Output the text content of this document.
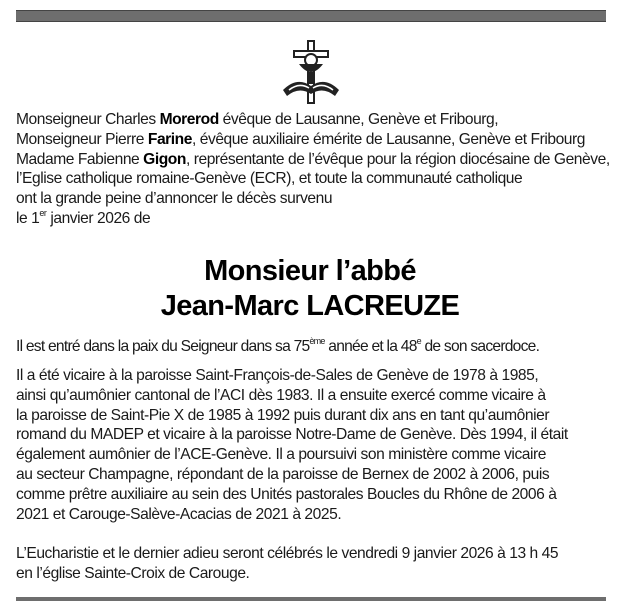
Monseigneur Charles Morerod évêque de Lausanne, Genève et Fribourg,
Monseigneur Pierre Farine, évêque auxiliaire émérite de Lausanne, Genève et Fribourg
Madame Fabienne Gigon, représentante de l’évêque pour la région diocésaine de Genève,
l’Eglise catholique romaine-Genève (ECR), et toute la communauté catholique
ont la grande peine d’annoncer le décès survenu
le 1er janvier 2026 de
Monsieur l’abbé
Jean-Marc LACREUZE
Il est entré dans la paix du Seigneur dans sa 75ème année et la 48e de son sacerdoce.
Il a été vicaire à la paroisse Saint-François-de-Sales de Genève de 1978 à 1985,
ainsi qu’aumônier cantonal de l’ACI dès 1983. Il a ensuite exercé comme vicaire à
la paroisse de Saint-Pie X de 1985 à 1992 puis durant dix ans en tant qu’aumônier
romand du MADEP et vicaire à la paroisse Notre-Dame de Genève. Dès 1994, il était
également aumônier de l’ACE-Genève. Il a poursuivi son ministère comme vicaire
au secteur Champagne, répondant de la paroisse de Bernex de 2002 à 2006, puis
comme prêtre auxiliaire au sein des Unités pastorales Boucles du Rhône de 2006 à
2021 et Carouge-Salève-Acacias de 2021 à 2025.
L’Eucharistie et le dernier adieu seront célébrés le vendredi 9 janvier 2026 à 13 h 45
en l’église Sainte-Croix de Carouge.
